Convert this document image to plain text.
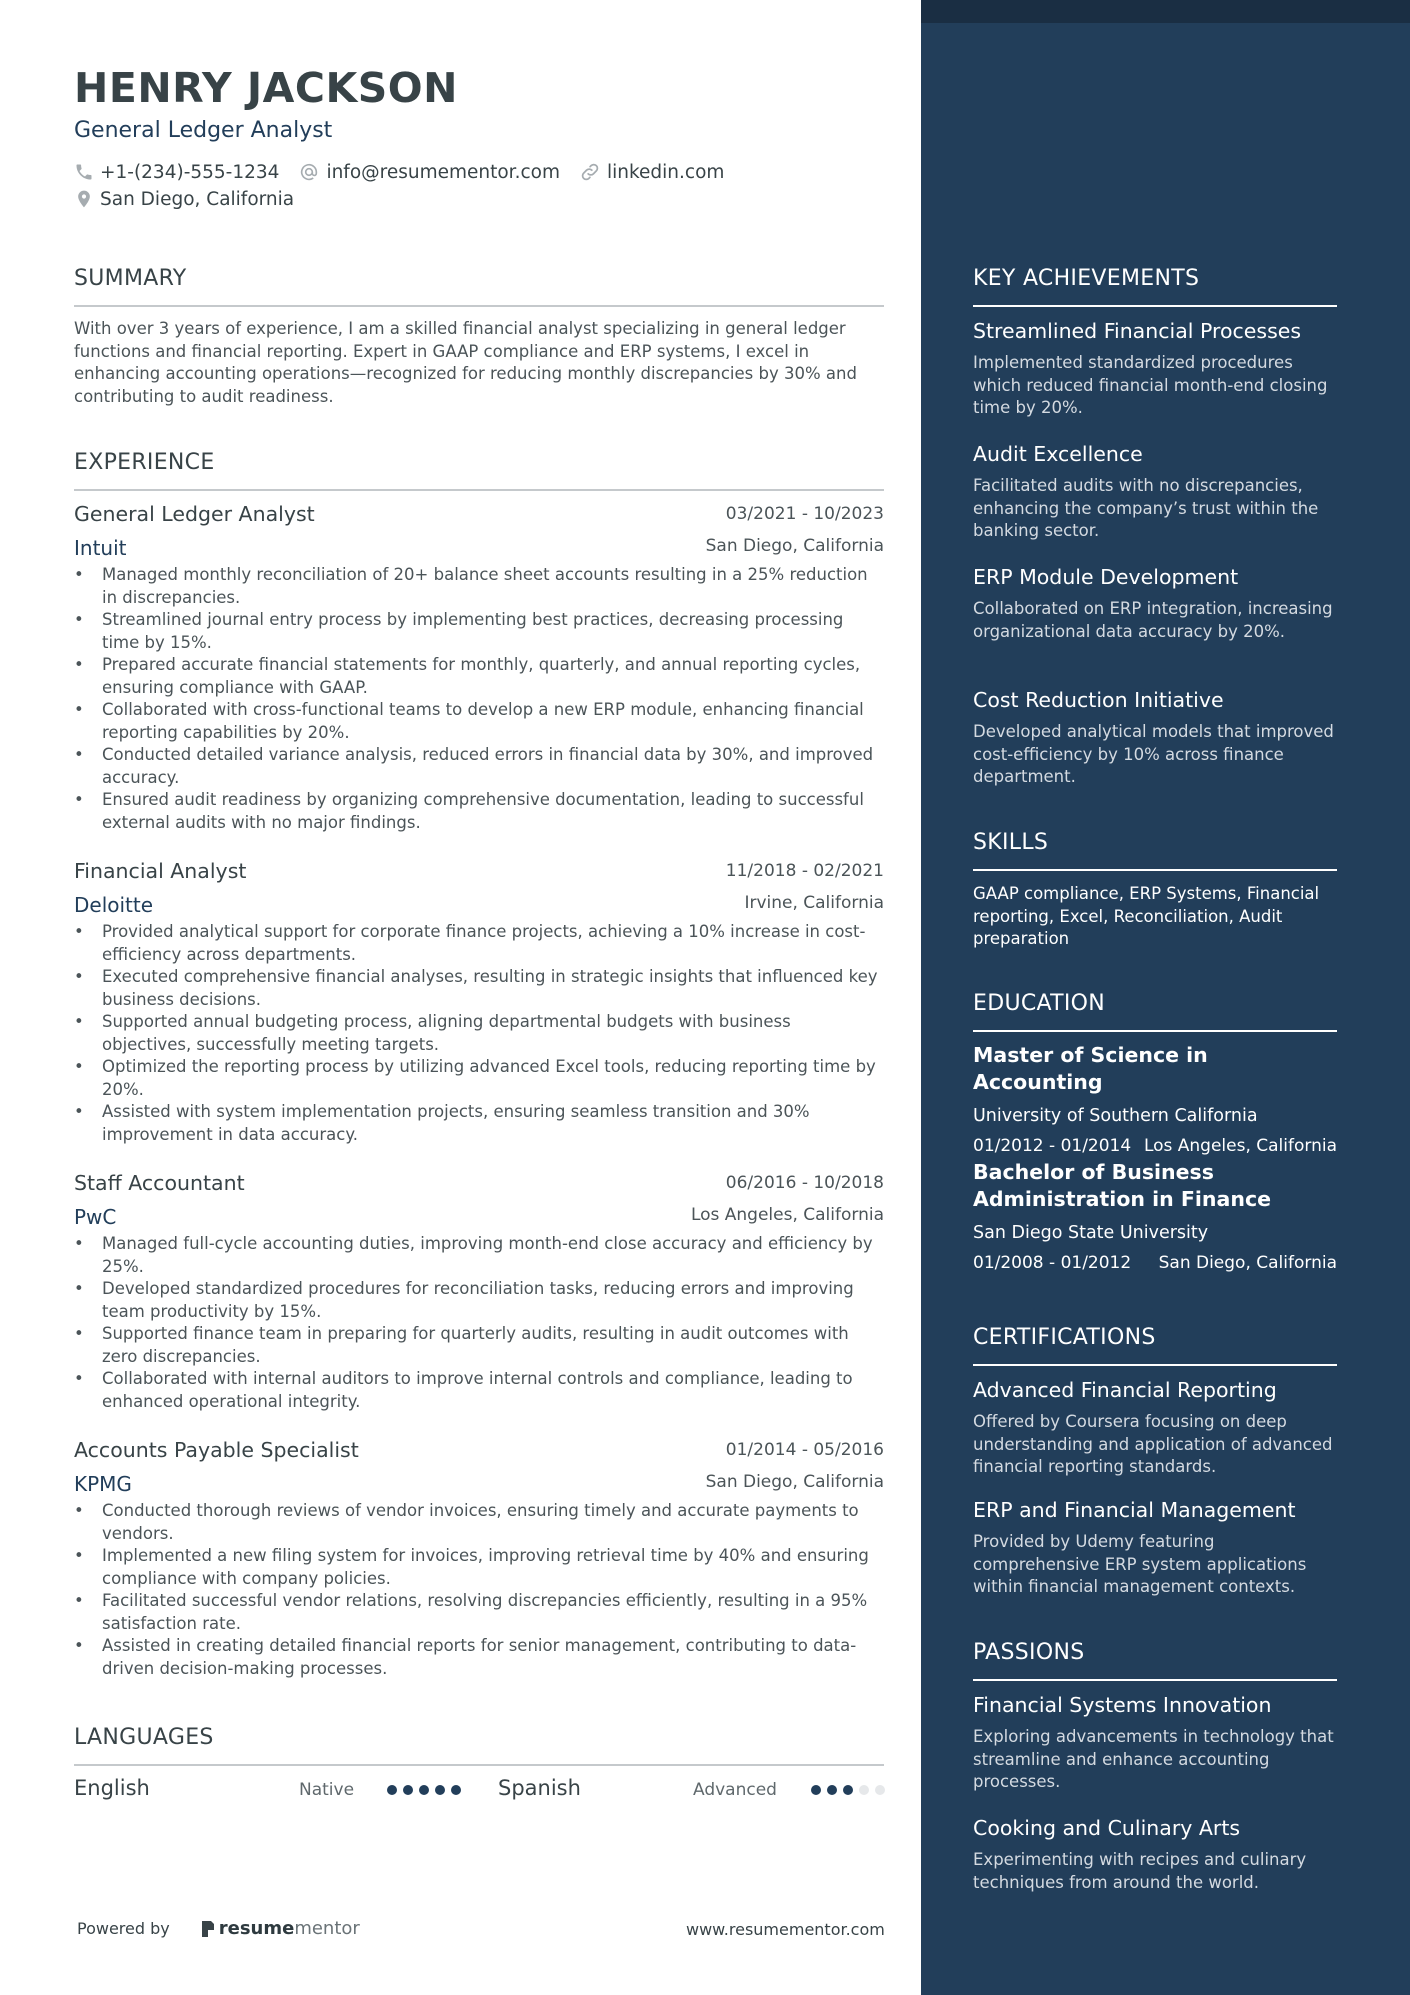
HENRY JACKSON
General Ledger Analyst
+1-(234)-555-1234	info@resumementor.com	linkedin.com
San Diego, California
SUMMARY
With over 3 years of experience, I am a skilled financial analyst specializing in general ledger functions and financial reporting. Expert in GAAP compliance and ERP systems, I excel in enhancing accounting operations—recognized for reducing monthly discrepancies by 30% and contributing to audit readiness.
EXPERIENCE
General Ledger Analyst	03/2021 - 10/2023
Intuit	San Diego, California
• Managed monthly reconciliation of 20+ balance sheet accounts resulting in a 25% reduction in discrepancies.
• Streamlined journal entry process by implementing best practices, decreasing processing time by 15%.
• Prepared accurate financial statements for monthly, quarterly, and annual reporting cycles, ensuring compliance with GAAP.
• Collaborated with cross-functional teams to develop a new ERP module, enhancing financial reporting capabilities by 20%.
• Conducted detailed variance analysis, reduced errors in financial data by 30%, and improved accuracy.
• Ensured audit readiness by organizing comprehensive documentation, leading to successful external audits with no major findings.
Financial Analyst	11/2018 - 02/2021
Deloitte	Irvine, California
• Provided analytical support for corporate finance projects, achieving a 10% increase in cost-efficiency across departments.
• Executed comprehensive financial analyses, resulting in strategic insights that influenced key business decisions.
• Supported annual budgeting process, aligning departmental budgets with business objectives, successfully meeting targets.
• Optimized the reporting process by utilizing advanced Excel tools, reducing reporting time by 20%.
• Assisted with system implementation projects, ensuring seamless transition and 30% improvement in data accuracy.
Staff Accountant	06/2016 - 10/2018
PwC	Los Angeles, California
• Managed full-cycle accounting duties, improving month-end close accuracy and efficiency by 25%.
• Developed standardized procedures for reconciliation tasks, reducing errors and improving team productivity by 15%.
• Supported finance team in preparing for quarterly audits, resulting in audit outcomes with zero discrepancies.
• Collaborated with internal auditors to improve internal controls and compliance, leading to enhanced operational integrity.
Accounts Payable Specialist	01/2014 - 05/2016
KPMG	San Diego, California
• Conducted thorough reviews of vendor invoices, ensuring timely and accurate payments to vendors.
• Implemented a new filing system for invoices, improving retrieval time by 40% and ensuring compliance with company policies.
• Facilitated successful vendor relations, resolving discrepancies efficiently, resulting in a 95% satisfaction rate.
• Assisted in creating detailed financial reports for senior management, contributing to data-driven decision-making processes.
LANGUAGES
English	Native	Spanish	Advanced
Powered by	resume mentor	www.resumementor.com
KEY ACHIEVEMENTS
Streamlined Financial Processes
Implemented standardized procedures which reduced financial month-end closing time by 20%.
Audit Excellence
Facilitated audits with no discrepancies, enhancing the company’s trust within the banking sector.
ERP Module Development
Collaborated on ERP integration, increasing organizational data accuracy by 20%.
Cost Reduction Initiative
Developed analytical models that improved cost-efficiency by 10% across finance department.
SKILLS
GAAP compliance, ERP Systems, Financial reporting, Excel, Reconciliation, Audit preparation
EDUCATION
Master of Science in Accounting
University of Southern California
01/2012 - 01/2014 Los Angeles, California
Bachelor of Business Administration in Finance
San Diego State University
01/2008 - 01/2012 San Diego, California
CERTIFICATIONS
Advanced Financial Reporting
Offered by Coursera focusing on deep understanding and application of advanced financial reporting standards.
ERP and Financial Management
Provided by Udemy featuring comprehensive ERP system applications within financial management contexts.
PASSIONS
Financial Systems Innovation
Exploring advancements in technology that streamline and enhance accounting processes.
Cooking and Culinary Arts
Experimenting with recipes and culinary techniques from around the world.
